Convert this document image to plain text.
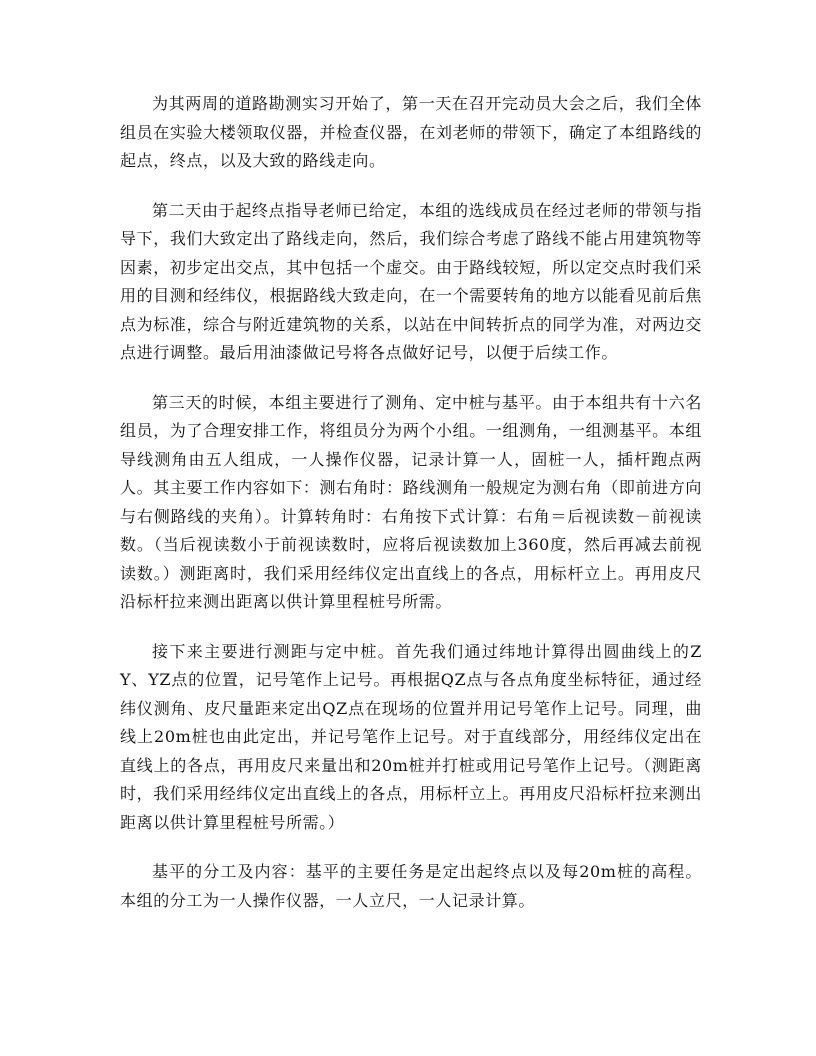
为其两周的道路勘测实习开始了，第一天在召开完动员大会之后，我们全体组员在实验大楼领取仪器，并检查仪器，在刘老师的带领下，确定了本组路线的起点，终点，以及大致的路线走向。

第二天由于起终点指导老师已给定，本组的选线成员在经过老师的带领与指导下，我们大致定出了路线走向，然后，我们综合考虑了路线不能占用建筑物等因素，初步定出交点，其中包括一个虚交。由于路线较短，所以定交点时我们采用的目测和经纬仪，根据路线大致走向，在一个需要转角的地方以能看见前后焦点为标准，综合与附近建筑物的关系，以站在中间转折点的同学为准，对两边交点进行调整。最后用油漆做记号将各点做好记号，以便于后续工作。

第三天的时候，本组主要进行了测角、定中桩与基平。由于本组共有十六名组员，为了合理安排工作，将组员分为两个小组。一组测角，一组测基平。本组导线测角由五人组成，一人操作仪器，记录计算一人，固桩一人，插杆跑点两人。其主要工作内容如下：测右角时：路线测角一般规定为测右角（即前进方向与右侧路线的夹角）。计算转角时：右角按下式计算：右角＝后视读数－前视读数。（当后视读数小于前视读数时，应将后视读数加上360度，然后再减去前视读数。）测距离时，我们采用经纬仪定出直线上的各点，用标杆立上。再用皮尺沿标杆拉来测出距离以供计算里程桩号所需。

接下来主要进行测距与定中桩。首先我们通过纬地计算得出圆曲线上的ZY、YZ点的位置，记号笔作上记号。再根据QZ点与各点角度坐标特征，通过经纬仪测角、皮尺量距来定出QZ点在现场的位置并用记号笔作上记号。同理，曲线上20m桩也由此定出，并记号笔作上记号。对于直线部分，用经纬仪定出在直线上的各点，再用皮尺来量出和20m桩并打桩或用记号笔作上记号。（测距离时，我们采用经纬仪定出直线上的各点，用标杆立上。再用皮尺沿标杆拉来测出距离以供计算里程桩号所需。）

基平的分工及内容：基平的主要任务是定出起终点以及每20m桩的高程。本组的分工为一人操作仪器，一人立尺，一人记录计算。
